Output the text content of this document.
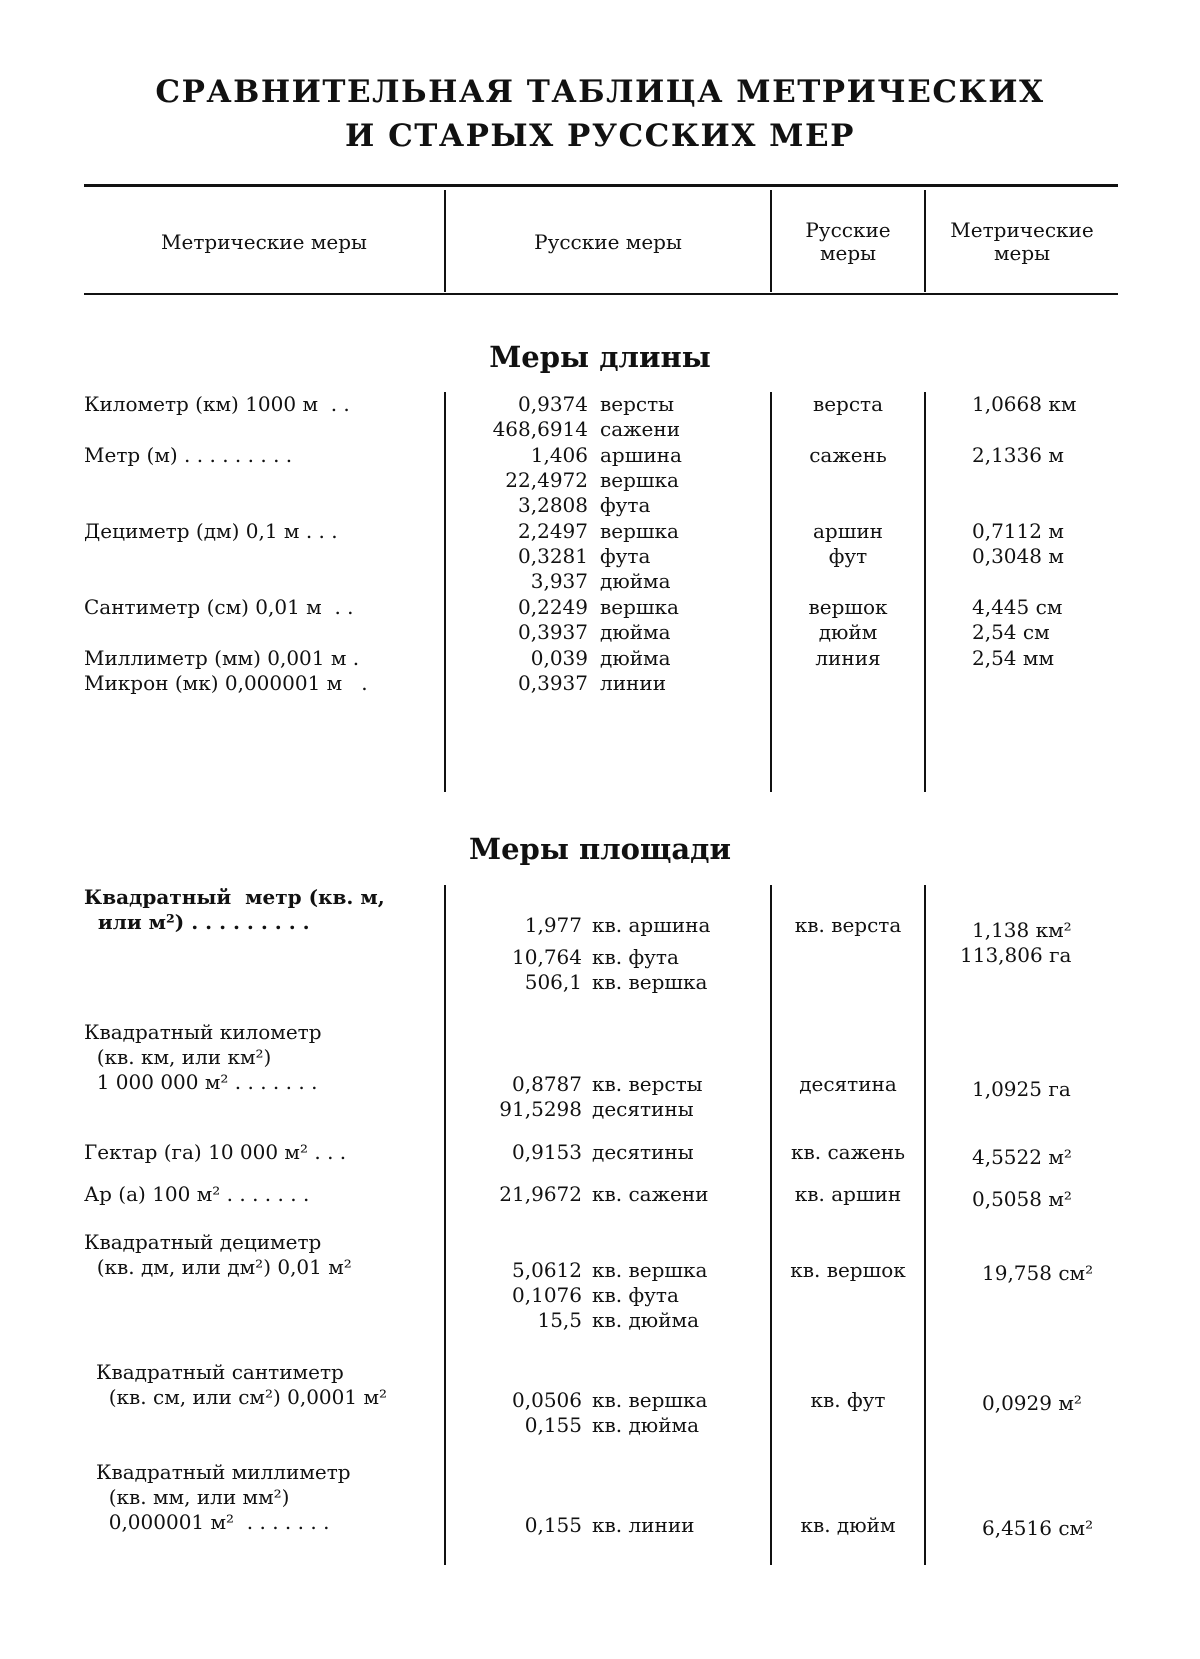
СРАВНИТЕЛЬНАЯ ТАБЛИЦА МЕТРИЧЕСКИХ
И СТАРЫХ РУССКИХ МЕР
Метрические меры	Русские меры	Русские меры
Метрические меры
Меры длины
Километр (км) 1000 м  . .
Метр (м) . . . . . . . . .
Дециметр (дм) 0,1 м . . .
Сантиметр (см) 0,01 м  . .
Миллиметр (мм) 0,001 м .
Микрон (мк) 0,000001 м   .
0,9374 версты
468,6914 сажени
1,406 аршина
22,4972 вершка
3,2808 фута
2,2497 вершка
0,3281 фута
3,937 дюйма
0,2249 вершка
0,3937 дюйма
0,039 дюйма
0,3937 линии
верста
сажень
аршин
фут
вершок
дюйм
линия
1,0668 км
2,1336 м
0,7112 м
0,3048 м
4,445 см
2,54 см
2,54 мм
Меры площади
Квадратный  метр (кв. м,
или м²) . . . . . . . . .
Квадратный километр
(кв. км, или км²)
1 000 000 м² . . . . . . .
Гектар (га) 10 000 м² . . .
Ар (а) 100 м² . . . . . . .
Квадратный дециметр
(кв. дм, или дм²) 0,01 м²
Квадратный сантиметр
(кв. см, или см²) 0,0001 м²
Квадратный миллиметр
(кв. мм, или мм²)
0,000001 м²  . . . . . . .
1,977 кв. аршина
10,764 кв. фута
506,1 кв. вершка
0,8787 кв. версты
91,5298 десятины
0,9153 десятины
21,9672 кв. сажени
5,0612 кв. вершка
0,1076 кв. фута
15,5 кв. дюйма
0,0506 кв. вершка
0,155 кв. дюйма
0,155 кв. линии
кв. верста
десятина
кв. сажень
кв. аршин
кв. вершок
кв. фут
кв. дюйм
1,138 км²
113,806 га
1,0925 га
4,5522 м²
0,5058 м²
19,758 см²
0,0929 м²
6,4516 см²
